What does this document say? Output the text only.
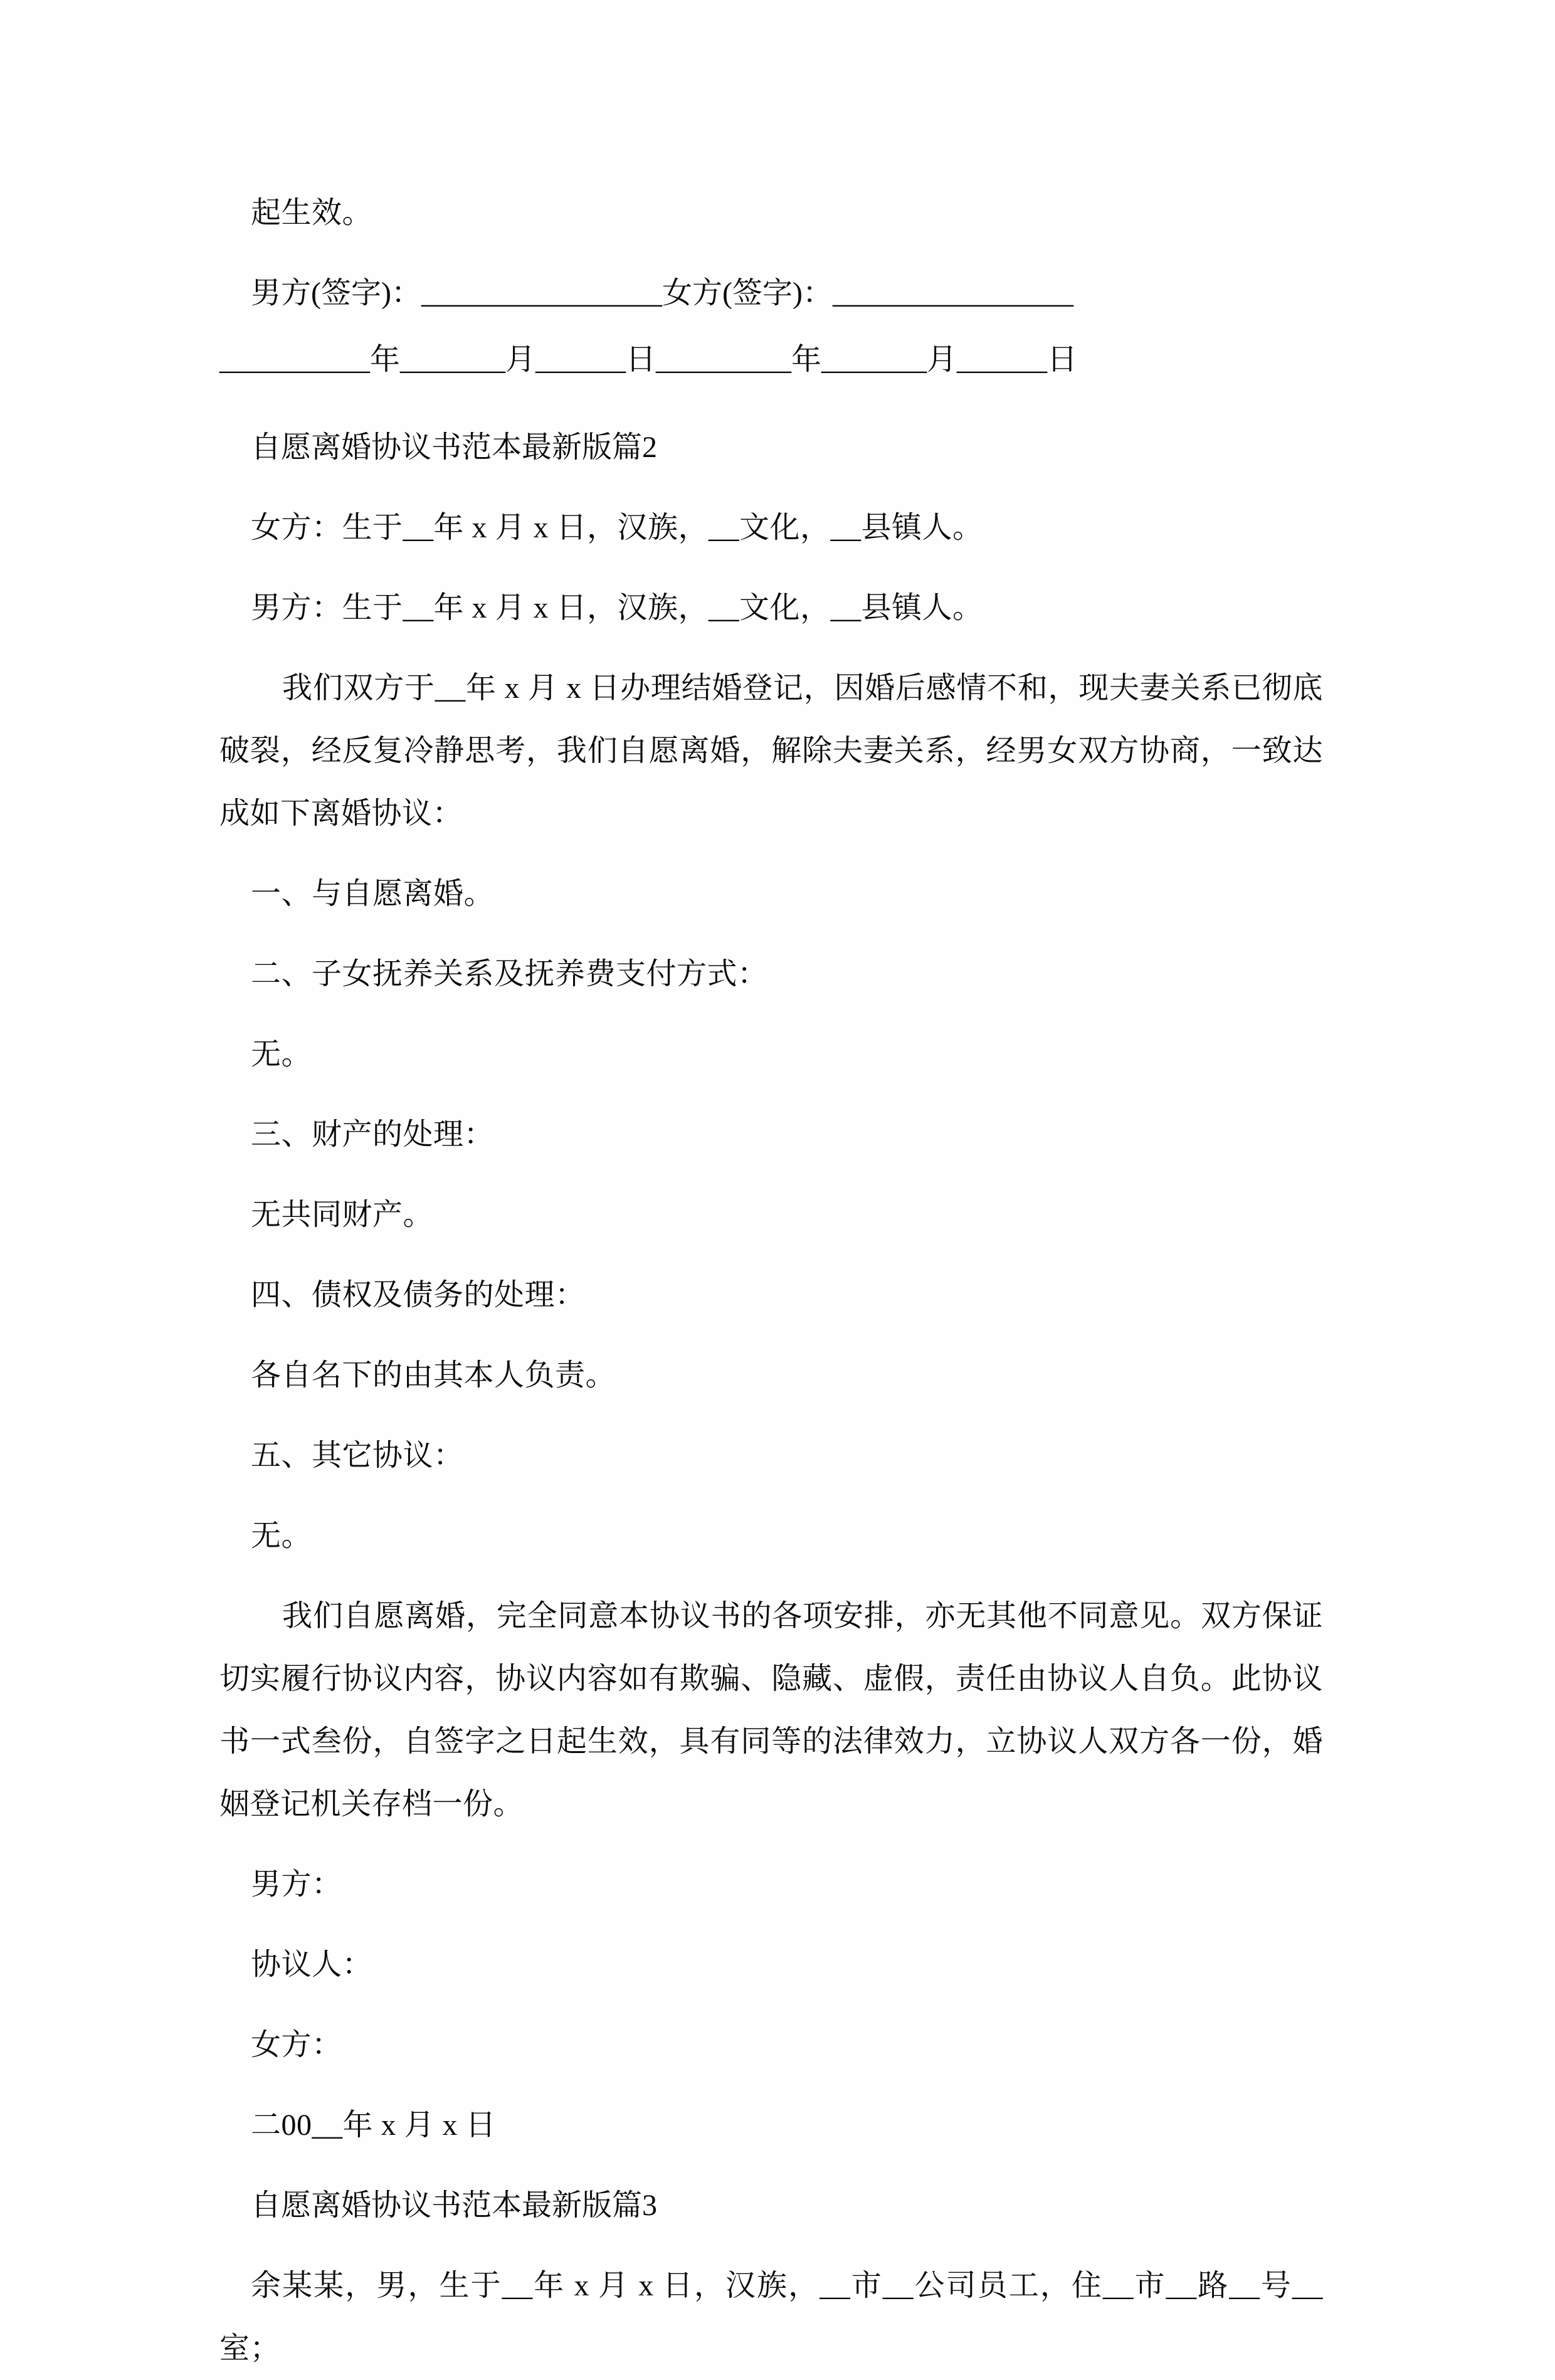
起生效。

男方(签字)：________________女方(签字)：________________

__________年_______月______日_________年_______月______日

自愿离婚协议书范本最新版篇2

女方：生于__年 x 月 x 日，汉族，__文化，__县镇人。

男方：生于__年 x 月 x 日，汉族，__文化，__县镇人。

我们双方于__年 x 月 x 日办理结婚登记，因婚后感情不和，现夫妻关系已彻底破裂，经反复冷静思考，我们自愿离婚，解除夫妻关系，经男女双方协商，一致达成如下离婚协议：

一、与自愿离婚。

二、子女抚养关系及抚养费支付方式：

无。

三、财产的处理：

无共同财产。

四、债权及债务的处理：

各自名下的由其本人负责。

五、其它协议：

无。

我们自愿离婚，完全同意本协议书的各项安排，亦无其他不同意见。双方保证切实履行协议内容，协议内容如有欺骗、隐藏、虚假，责任由协议人自负。此协议书一式叁份，自签字之日起生效，具有同等的法律效力，立协议人双方各一份，婚姻登记机关存档一份。

男方：

协议人：

女方：

二00__年 x 月 x 日

自愿离婚协议书范本最新版篇3

余某某，男，生于__年 x 月 x 日，汉族，__市__公司员工，住__市__路__号__室；
